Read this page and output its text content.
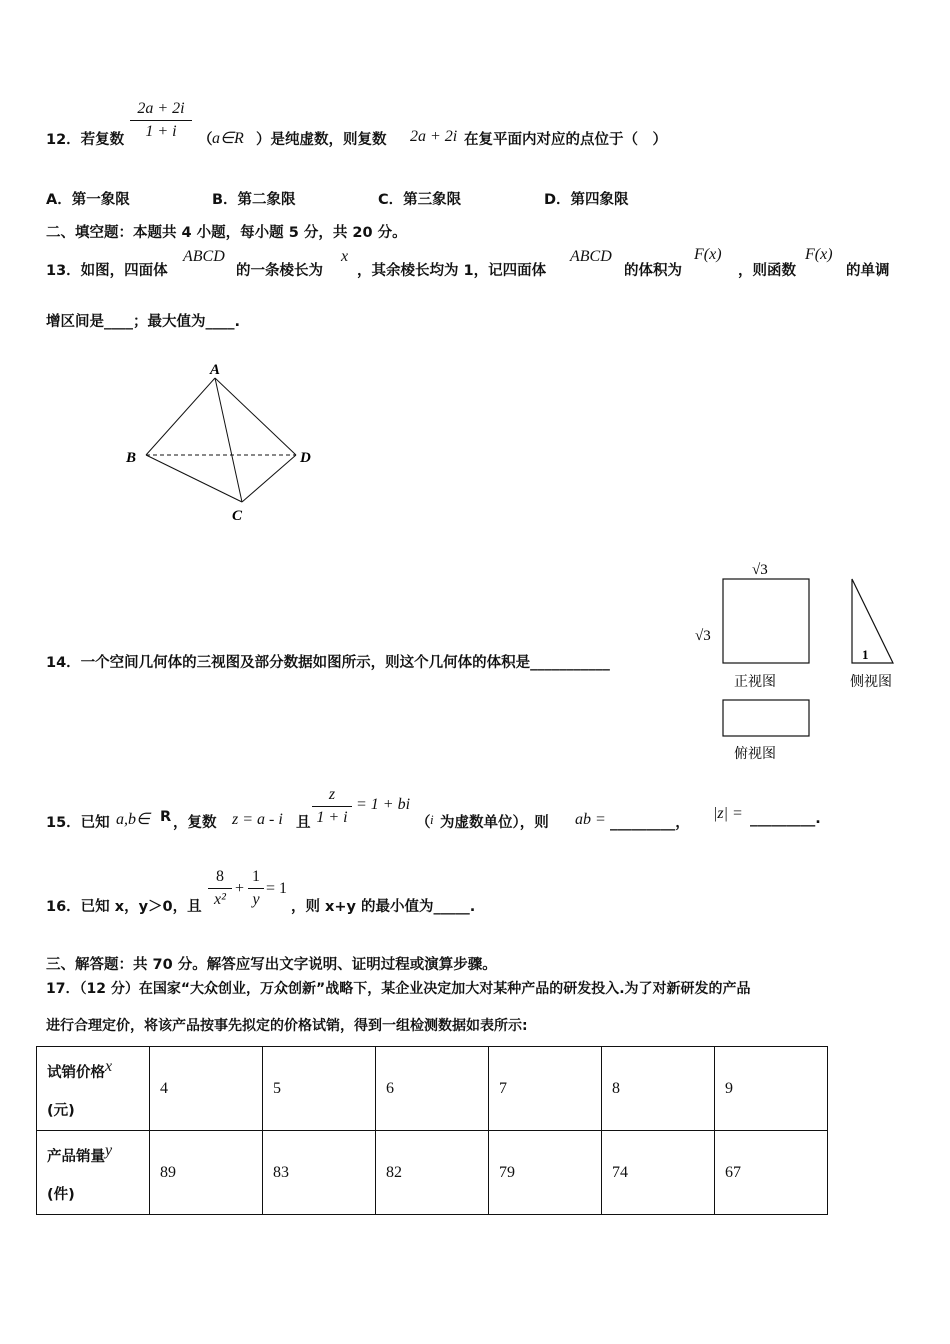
12．若复数
2a + 2i
1 + i	（ a∈R ）是纯虚数，则复数 2a + 2i 在复平面内对应的点位于（　）
A．第一象限	B．第二象限	C．第三象限	D．第四象限
二、填空题：本题共 4 小题，每小题 5 分，共 20 分。
13．如图，四面体
ABCD
的一条棱长为
x
，其余棱长均为 1，记四面体
ABCD
的体积为
F(x)
，则函数
F(x)
的单调
增区间是____；最大值为____.
A
B
C
D
14．一个空间几何体的三视图及部分数据如图所示，则这个几何体的体积是___________
√3
√3
正视图
1
侧视图
俯视图
15．已知 a,b∈ R ，复数 z = a - i 且
z
1 + i
= 1 + bi
（ i 为虚数单位），则 ab = _________，
|z| = _________.
16．已知 x，y＞0，且
8
x²
+
1
y
= 1
，则 x+y 的最小值为_____.
三、解答题：共 70 分。解答应写出文字说明、证明过程或演算步骤。
17．（12 分）在国家“大众创业，万众创新”战略下，某企业决定加大对某种产品的研发投入.为了对新研发的产品
进行合理定价，将该产品按事先拟定的价格试销，得到一组检测数据如表所示:
试销价格x
(元)	4	5	6	7	8	9
产品销量y
(件)	89	83	82	79	74	67
